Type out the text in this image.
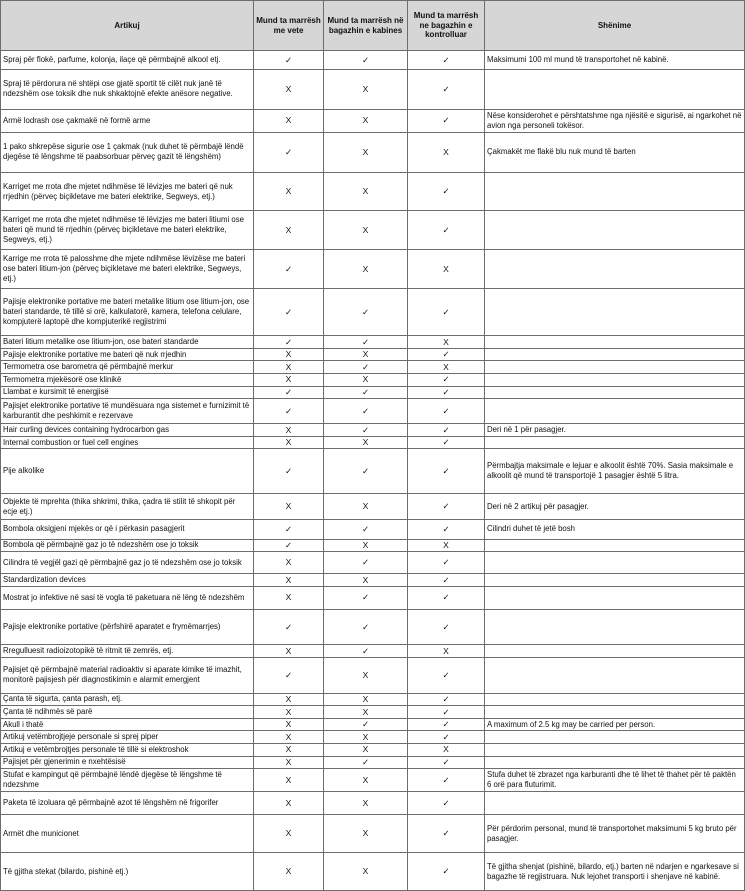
Artikuj	Mund ta marrësh me vete	Mund ta marrësh në bagazhin e kabines	Mund ta marrësh ne bagazhin e kontrolluar	Shënime
Spraj për flokë, parfume, kolonja, ilaçe që përmbajnë alkool etj.	✓	✓	✓	Maksimumi 100 ml mund të transportohet në kabinë.
Spraj të përdorura në shtëpi ose gjatë sportit të cilët nuk janë të ndezshëm ose toksik dhe nuk shkaktojnë efekte anësore negative.	X	X	✓	
Armë lodrash ose çakmakë në formë arme	X	X	✓	Nëse konsiderohet e përshtatshme nga njësitë e sigurisë, ai ngarkohet në avion nga personeli tokësor.
1 pako shkrepëse sigurie ose 1 çakmak (nuk duhet të përmbajë lëndë djegëse të lëngshme të paabsorbuar përveç gazit të lëngshëm)	✓	X	X	Çakmakët me flakë blu nuk mund të barten
Karriget me rrota dhe mjetet ndihmëse të lëvizjes me bateri që nuk rrjedhin (përveç biçikletave me bateri elektrike, Segweys, etj.)	X	X	✓	
Karriget me rrota dhe mjetet ndihmëse të lëvizjes me bateri litiumi ose bateri që mund të rrjedhin (përveç biçikletave me bateri elektrike, Segweys, etj.)	X	X	✓	
Karrige me rrota të palosshme dhe mjete ndihmëse lëvizëse me bateri ose bateri litium-jon (përveç biçikletave me bateri elektrike, Segweys, etj.)	✓	X	X	
Pajisje elektronike portative me bateri metalike litium ose litium-jon, ose bateri standarde, të tillë si orë, kalkulatorë, kamera, telefona celulare, kompjuterë laptopë dhe kompjuterikë regjistrimi	✓	✓	✓	
Bateri litium metalike ose litium-jon, ose bateri standarde	✓	✓	X	
Pajisje elektronike portative me bateri që nuk rrjedhin	X	X	✓	
Termometra ose barometra që përmbajnë merkur	X	✓	X	
Termometra mjekësorë ose klinikë	X	X	✓	
Llambat e kursimit të energjisë	✓	✓	✓	
Pajisjet elektronike portative të mundësuara nga sistemet e furnizimit të karburantit dhe peshkimit e rezervave	✓	✓	✓	
Hair curling devices containing hydrocarbon gas	X	✓	✓	Deri në 1 për pasagjer.
Internal combustion or fuel cell engines	X	X	✓	
Pije alkolike	✓	✓	✓	Përmbajtja maksimale e lejuar e alkoolit është 70%. Sasia maksimale e alkoolit që mund të transportojë 1 pasagjer është 5 litra.
Objekte të mprehta (thika shkrimi, thika, çadra të stilit të shkopit për ecje etj.)	X	X	✓	Deri në 2 artikuj për pasagjer.
Bombola oksigjeni mjekës or që i përkasin pasagjerit	✓	✓	✓	Cilindri duhet të jetë bosh
Bombola që përmbajnë gaz jo të ndezshëm ose jo toksik	✓	X	X	
Cilindra të vegjël gazi që përmbajnë gaz jo të ndezshëm ose jo toksik	X	✓	✓	
Standardization devices	X	X	✓	
Mostrat jo infektive në sasi të vogla të paketuara në lëng të ndezshëm	X	✓	✓	
Pajisje elektronike portative (përfshirë aparatet e frymëmarrjes)	✓	✓	✓	
Rregulluesit radioizotopikë të ritmit të zemrës, etj.	X	✓	X	
Pajisjet që përmbajnë material radioaktiv si aparate kimike të imazhit, monitorë pajisjesh për diagnostikimin e alarmit emergjent	✓	X	✓	
Çanta të sigurta, çanta parash, etj.	X	X	✓	
Çanta të ndihmës së parë	X	X	✓	
Akull i thatë	X	✓	✓	A maximum of 2.5 kg may be carried per person.
Artikuj vetëmbrojtjeje personale si sprej piper	X	X	✓	
Artikuj e vetëmbrojtjes personale të tillë si elektroshok	X	X	X	
Pajisjet për gjenerimin e nxehtësisë	X	✓	✓	
Stufat e kampingut që përmbajnë lëndë djegëse të lëngshme të ndezshme	X	X	✓	Stufa duhet të zbrazet nga karburanti dhe të lihet të thahet për të paktën 6 orë para fluturimit.
Paketa të izoluara që përmbajnë azot të lëngshëm në frigorifer	X	X	✓	
Armët dhe municionet	X	X	✓	Për përdorim personal, mund të transportohet maksimumi 5 kg bruto për pasagjer.
Të gjitha stekat (bilardo, pishinë etj.)	X	X	✓	Të gjitha shenjat (pishinë, bilardo, etj.) barten në ndarjen e ngarkesave si bagazhe të regjistruara. Nuk lejohet transporti i shenjave në kabinë.
